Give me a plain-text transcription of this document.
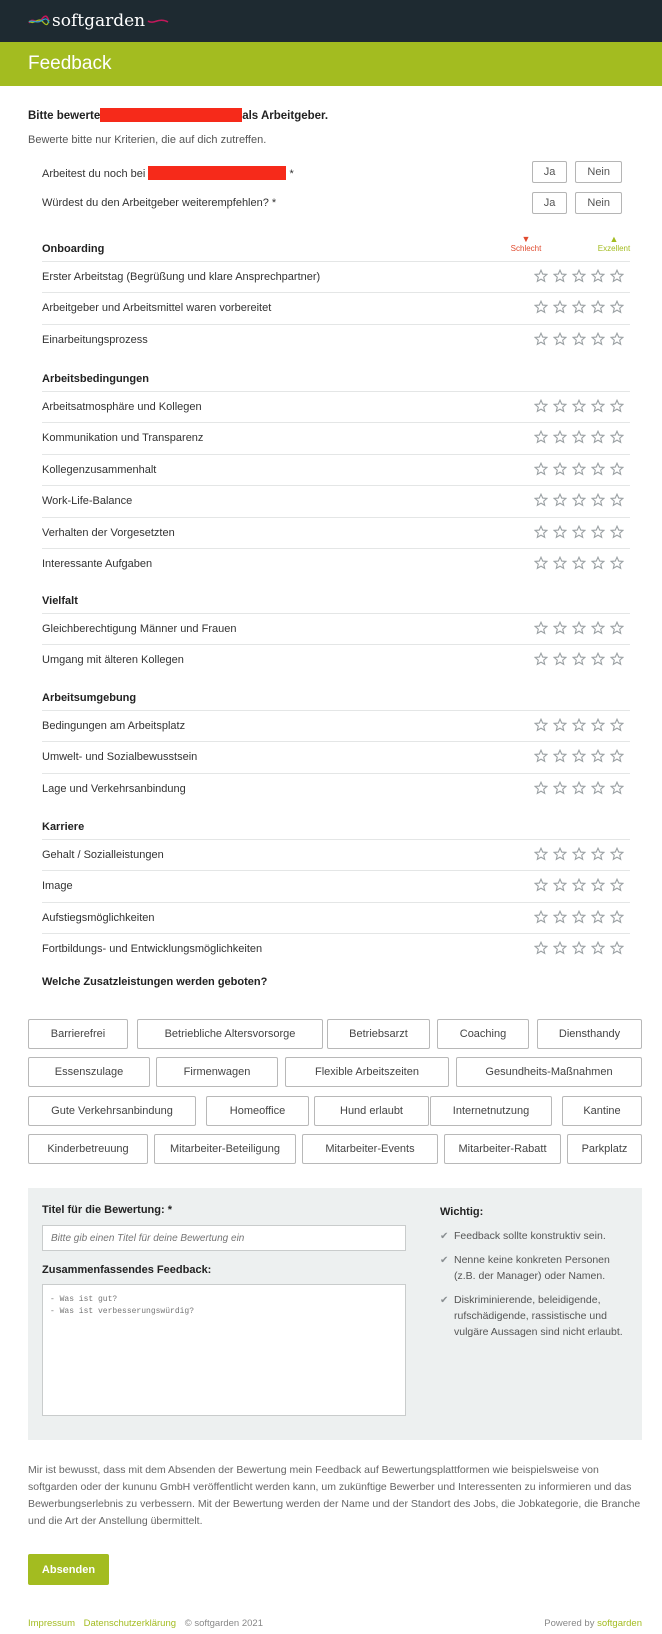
softgarden
Feedback
Bitte bewerte	als Arbeitgeber.
Bewerte bitte nur Kriterien, die auf dich zutreffen.
Arbeitest du noch bei	*	Ja	Nein
Würdest du den Arbeitgeber weiterempfehlen? *	Ja	Nein
▼
Schlecht
▲
Exzellent
Onboarding
Erster Arbeitstag (Begrüßung und klare Ansprechpartner)
Arbeitgeber und Arbeitsmittel waren vorbereitet
Einarbeitungsprozess
Arbeitsbedingungen
Arbeitsatmosphäre und Kollegen
Kommunikation und Transparenz
Kollegenzusammenhalt
Work-Life-Balance
Verhalten der Vorgesetzten
Interessante Aufgaben
Vielfalt
Gleichberechtigung Männer und Frauen
Umgang mit älteren Kollegen
Arbeitsumgebung
Bedingungen am Arbeitsplatz
Umwelt- und Sozialbewusstsein
Lage und Verkehrsanbindung
Karriere
Gehalt / Sozialleistungen
Image
Aufstiegsmöglichkeiten
Fortbildungs- und Entwicklungsmöglichkeiten
Welche Zusatzleistungen werden geboten?
Barrierefrei	Betriebliche Altersvorsorge	Betriebsarzt	Coaching	Diensthandy
Essenszulage	Firmenwagen	Flexible Arbeitszeiten	Gesundheits-Maßnahmen
Gute Verkehrsanbindung	Homeoffice	Hund erlaubt	Internetnutzung	Kantine
Kinderbetreuung	Mitarbeiter-Beteiligung	Mitarbeiter-Events	Mitarbeiter-Rabatt	Parkplatz
Titel für die Bewertung: *
Bitte gib einen Titel für deine Bewertung ein
Zusammenfassendes Feedback:
- Was ist gut? - Was ist verbesserungswürdig?
Wichtig:
✔ Feedback sollte konstruktiv sein.
✔ Nenne keine konkreten Personen (z.B. der Manager) oder Namen.
✔ Diskriminierende, beleidigende, rufschädigende, rassistische und vulgäre Aussagen sind nicht erlaubt.
Mir ist bewusst, dass mit dem Absenden der Bewertung mein Feedback auf Bewertungsplattformen wie beispielsweise von softgarden oder der kununu GmbH veröffentlicht werden kann, um zukünftige Bewerber und Interessenten zu informieren und das Bewerbungserlebnis zu verbessern. Mit der Bewertung werden der Name und der Standort des Jobs, die Jobkategorie, die Branche und die Art der Anstellung übermittelt.
Absenden
Impressum Datenschutzerklärung © softgarden 2021	Powered by softgarden
